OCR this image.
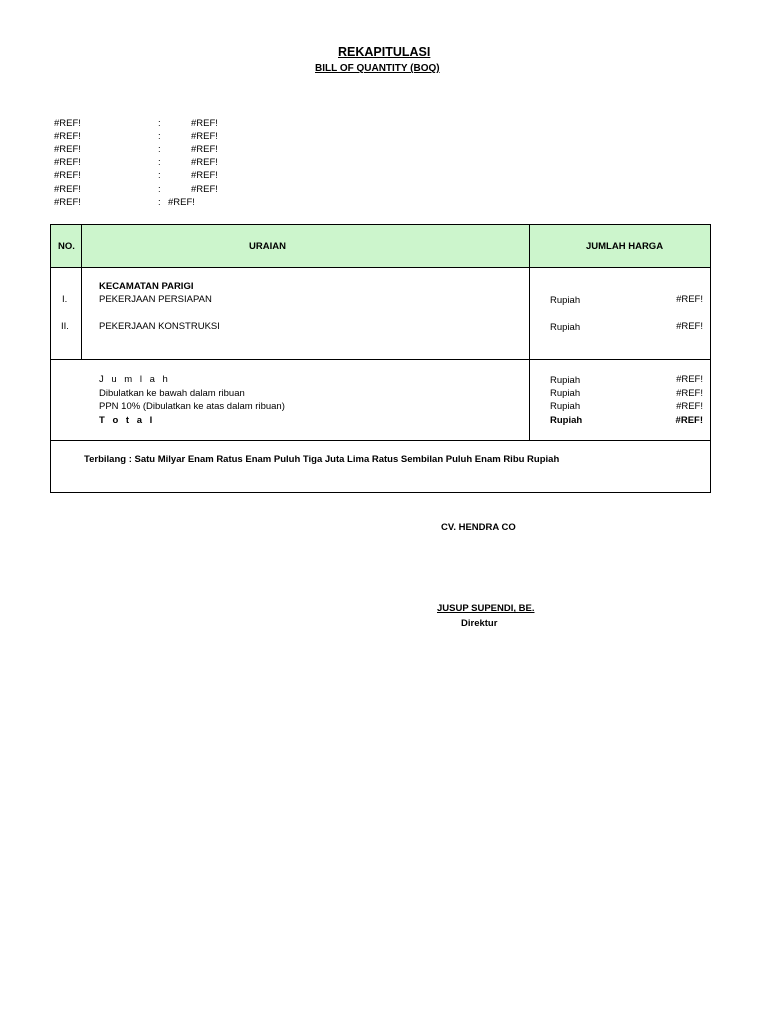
REKAPITULASI
BILL OF QUANTITY (BOQ)
#REF!	:	#REF!
#REF!	:	#REF!
#REF!	:	#REF!
#REF!	:	#REF!
#REF!	:	#REF!
#REF!	:	#REF!
#REF!	: #REF!
NO.	URAIAN	JUMLAH HARGA
KECAMATAN PARIGI
I.	PEKERJAAN PERSIAPAN	Rupiah	#REF!
II.	PEKERJAAN KONSTRUKSI	Rupiah	#REF!
J u m l a h	Rupiah	#REF!
Dibulatkan ke bawah dalam ribuan	Rupiah	#REF!
PPN 10% (Dibulatkan ke atas dalam ribuan)	Rupiah	#REF!
T o t a l	Rupiah	#REF!
Terbilang : Satu Milyar Enam Ratus Enam Puluh Tiga Juta Lima Ratus Sembilan Puluh Enam Ribu Rupiah
CV. HENDRA CO
JUSUP SUPENDI, BE.
Direktur
